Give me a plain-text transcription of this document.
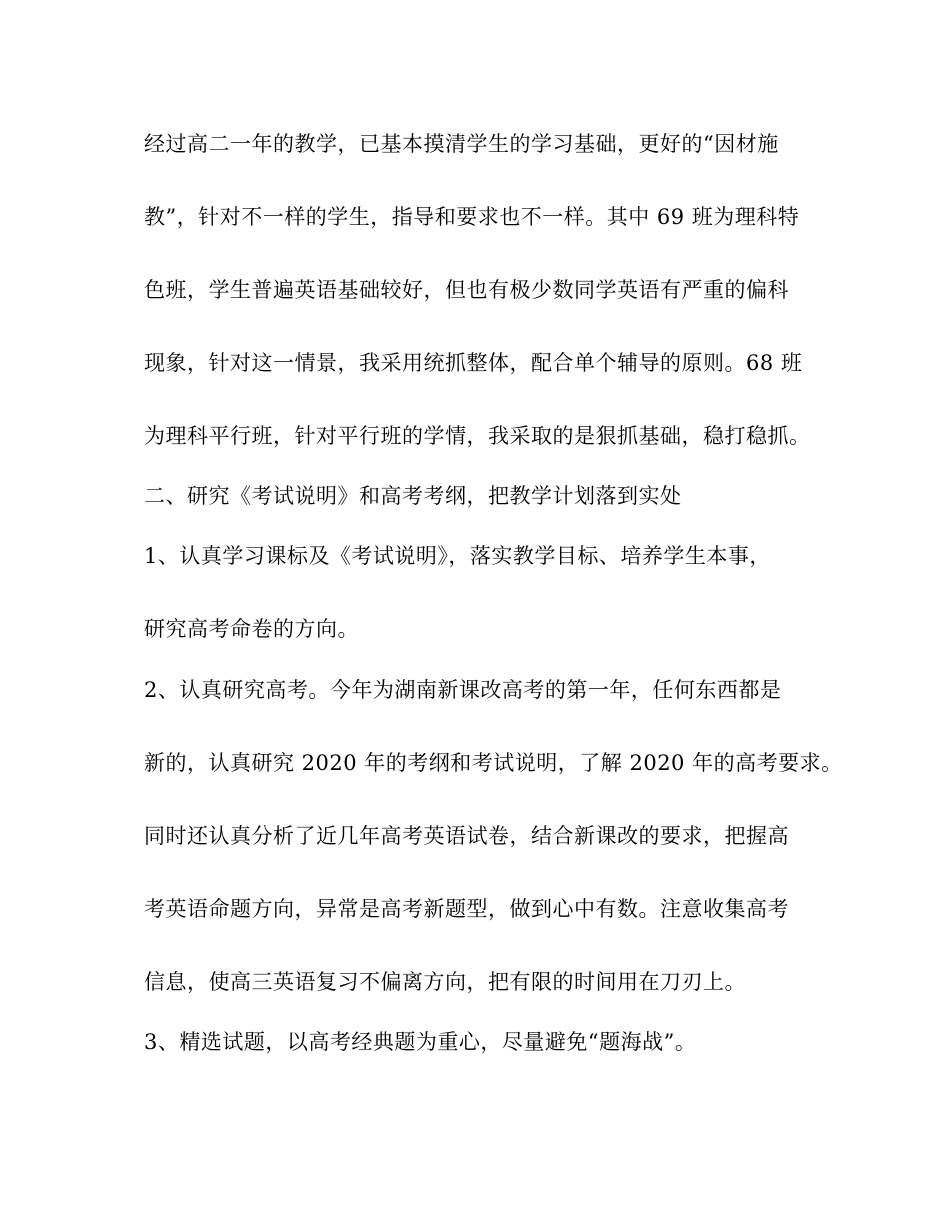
经过高二一年的教学，已基本摸清学生的学习基础，更好的“因材施
教”，针对不一样的学生，指导和要求也不一样。其中 69 班为理科特
色班，学生普遍英语基础较好，但也有极少数同学英语有严重的偏科
现象，针对这一情景，我采用统抓整体，配合单个辅导的原则。68 班
为理科平行班，针对平行班的学情，我采取的是狠抓基础，稳打稳抓。
二、研究《考试说明》和高考考纲，把教学计划落到实处
1、认真学习课标及《考试说明》，落实教学目标、培养学生本事，
研究高考命卷的方向。
2、认真研究高考。今年为湖南新课改高考的第一年，任何东西都是
新的，认真研究 2020 年的考纲和考试说明，了解 2020 年的高考要求。
同时还认真分析了近几年高考英语试卷，结合新课改的要求，把握高
考英语命题方向，异常是高考新题型，做到心中有数。注意收集高考
信息，使高三英语复习不偏离方向，把有限的时间用在刀刃上。
3、精选试题，以高考经典题为重心，尽量避免“题海战”。
